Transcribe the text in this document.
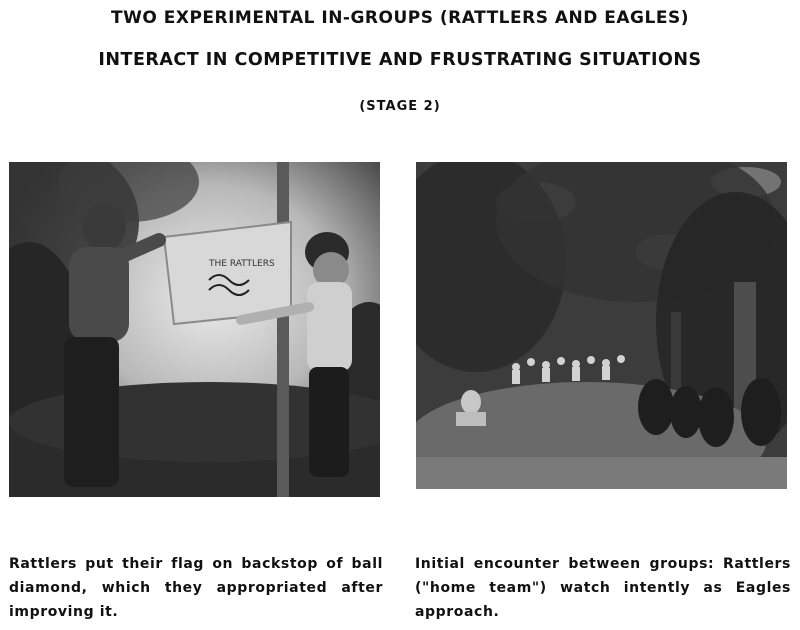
TWO EXPERIMENTAL IN-GROUPS (RATTLERS AND EAGLES)
INTERACT IN COMPETITIVE AND FRUSTRATING SITUATIONS
(STAGE 2)
THE RATTLERS
Rattlers put their flag on backstop of ball diamond, which they appropriated after improving it.
Initial encounter between groups: Rattlers ("home team") watch intently as Eagles approach.
